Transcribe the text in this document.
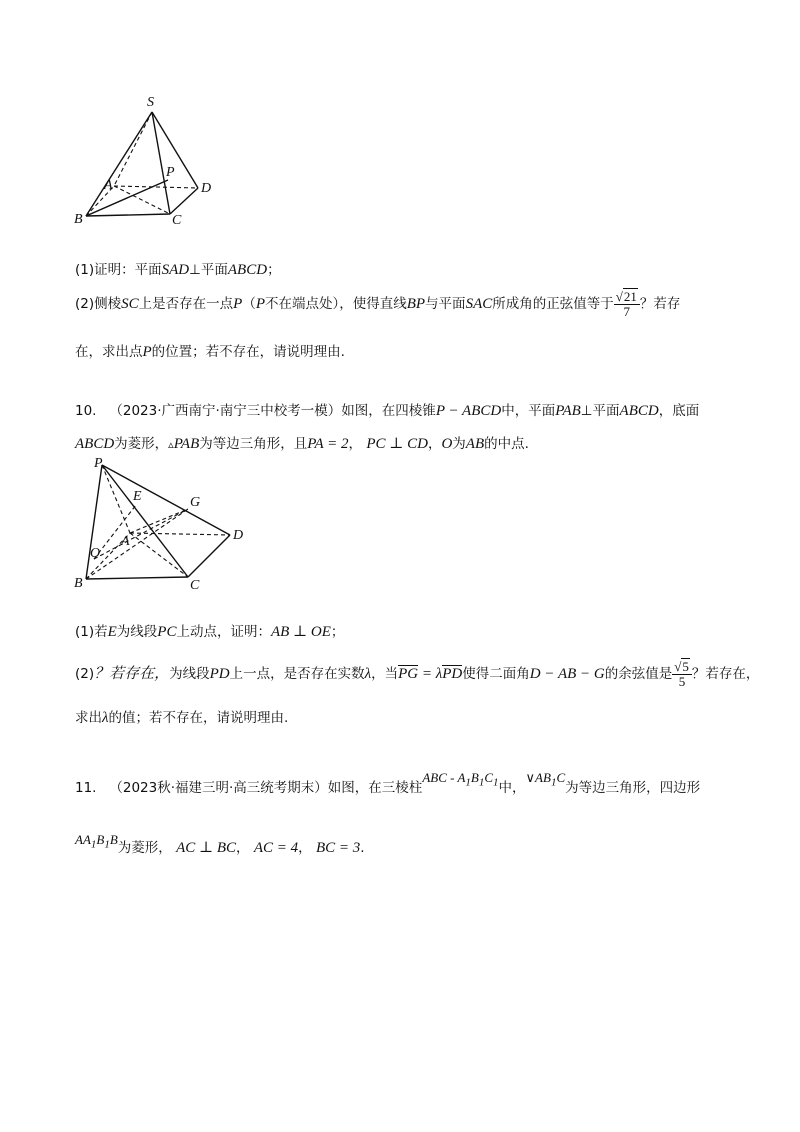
S
P
A	D
B	C
(1)证明：平面SAD⊥平面ABCD；
(2)侧棱SC上是否存在一点P（P不在端点处），使得直线BP与平面SAC所成角的正弦值等于 $\frac{√21}{7}$ ？若存
在，求出点P的位置；若不存在，请说明理由.
10. （2023·广西南宁·南宁三中校考一模）如图，在四棱锥P − ABCD中，平面PAB⊥平面ABCD，底面
ABCD为菱形，▵PAB为等边三角形，且PA = 2， PC ⊥ CD，O为AB的中点.
P
E	G
A	D
O
B	C
(1)若E为线段PC上动点，证明：AB ⊥ OE；
(2)？若存在，为线段PD上一点，是否存在实数λ，当PG = λPD使得二面角D − AB − G的余弦值是 $\frac{√5}{5}$ ？若存在，
求出λ的值；若不存在，请说明理由.
11. （2023秋·福建三明·高三统考期末）如图，在三棱柱ABC - $A_1B_1C_1$中，$\vee AB_1C$为等边三角形，四边形
$AA_1B_1B$为菱形， AC ⊥ BC， AC = 4， BC = 3.
